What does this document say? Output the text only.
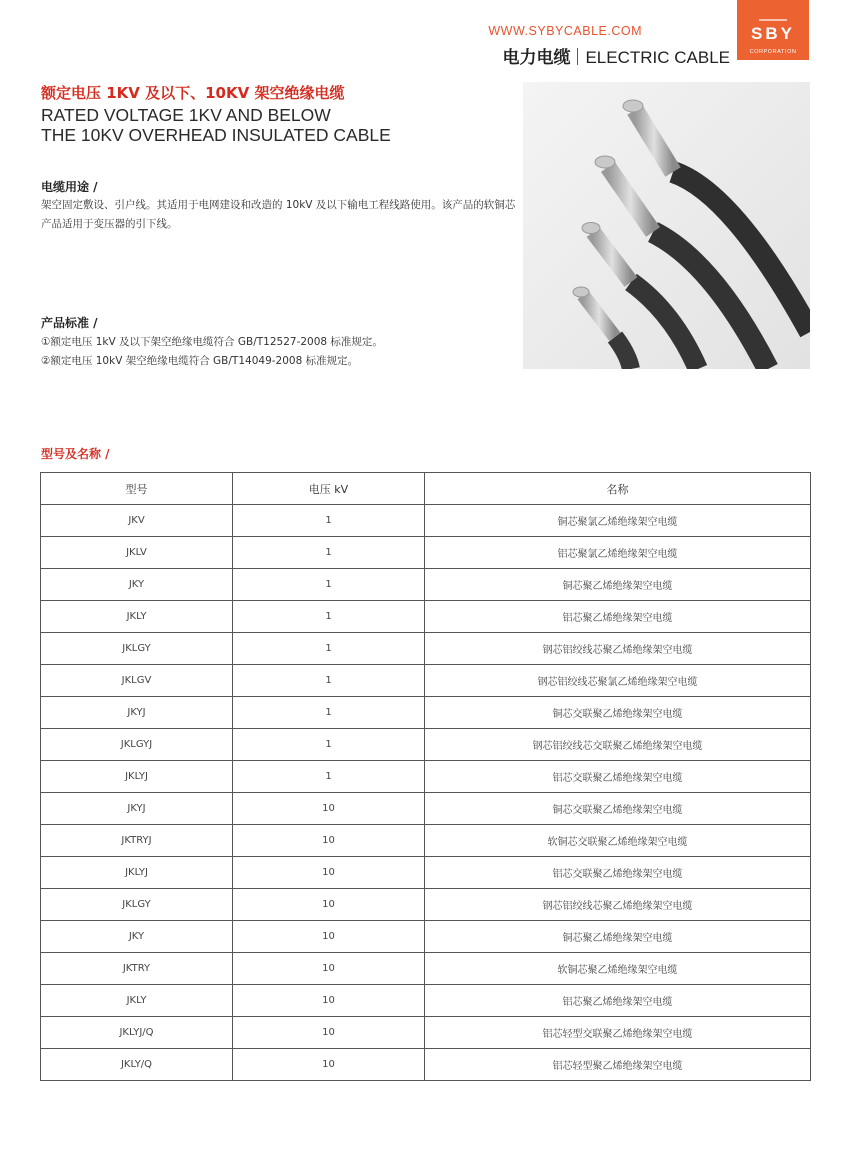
WWW.SYBYCABLE.COM
电力电缆 ELECTRIC CABLE
SBY
CORPORATION
额定电压 1KV 及以下、10KV 架空绝缘电缆
RATED VOLTAGE 1KV AND BELOW
THE 10KV OVERHEAD INSULATED CABLE
电缆用途 /
架空固定敷设、引户线。其适用于电网建设和改造的 10kV 及以下输电工程线路使用。该产品的软铜芯产品适用于变压器的引下线。
产品标准 /
①额定电压 1kV 及以下架空绝缘电缆符合 GB/T12527-2008 标准规定。
②额定电压 10kV 架空绝缘电缆符合 GB/T14049-2008 标准规定。
型号及名称 /
型号	电压 kV	名称
JKV	1	铜芯聚氯乙烯绝缘架空电缆
JKLV	1	铝芯聚氯乙烯绝缘架空电缆
JKY	1	铜芯聚乙烯绝缘架空电缆
JKLY	1	铝芯聚乙烯绝缘架空电缆
JKLGY	1	钢芯铝绞线芯聚乙烯绝缘架空电缆
JKLGV	1	钢芯铝绞线芯聚氯乙烯绝缘架空电缆
JKYJ	1	铜芯交联聚乙烯绝缘架空电缆
JKLGYJ	1	钢芯铝绞线芯交联聚乙烯绝缘架空电缆
JKLYJ	1	铝芯交联聚乙烯绝缘架空电缆
JKYJ	10	铜芯交联聚乙烯绝缘架空电缆
JKTRYJ	10	软铜芯交联聚乙烯绝缘架空电缆
JKLYJ	10	铝芯交联聚乙烯绝缘架空电缆
JKLGY	10	钢芯铝绞线芯聚乙烯绝缘架空电缆
JKY	10	铜芯聚乙烯绝缘架空电缆
JKTRY	10	软铜芯聚乙烯绝缘架空电缆
JKLY	10	铝芯聚乙烯绝缘架空电缆
JKLYJ/Q	10	铝芯轻型交联聚乙烯绝缘架空电缆
JKLY/Q	10	铝芯轻型聚乙烯绝缘架空电缆
